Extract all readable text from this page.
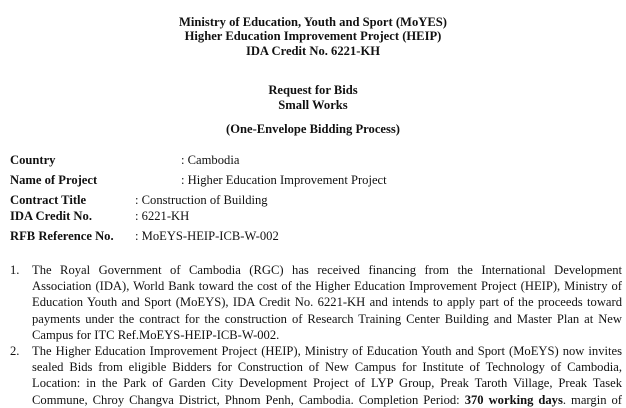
Ministry of Education, Youth and Sport (MoYES)
Higher Education Improvement Project (HEIP)
IDA Credit No. 6221-KH
Request for Bids
Small Works
(One-Envelope Bidding Process)
Country	: Cambodia
Name of Project	: Higher Education Improvement Project
Contract Title	: Construction of Building
IDA Credit No.	: 6221-KH
RFB Reference No. : MoEYS-HEIP-ICB-W-002
1. The Royal Government of Cambodia (RGC) has received financing from the International Development
Association (IDA), World Bank toward the cost of the Higher Education Improvement Project (HEIP), Ministry of
Education Youth and Sport (MoEYS), IDA Credit No. 6221-KH and intends to apply part of the proceeds toward
payments under the contract for the construction of Research Training Center Building and Master Plan at New
Campus for ITC Ref.MoEYS-HEIP-ICB-W-002.
2. The Higher Education Improvement Project (HEIP), Ministry of Education Youth and Sport (MoEYS) now invites
sealed Bids from eligible Bidders for Construction of New Campus for Institute of Technology of Cambodia,
Location: in the Park of Garden City Development Project of LYP Group, Preak Taroth Village, Preak Tasek
Commune, Chroy Changva District, Phnom Penh, Cambodia. Completion Period: 370 working days. margin of
